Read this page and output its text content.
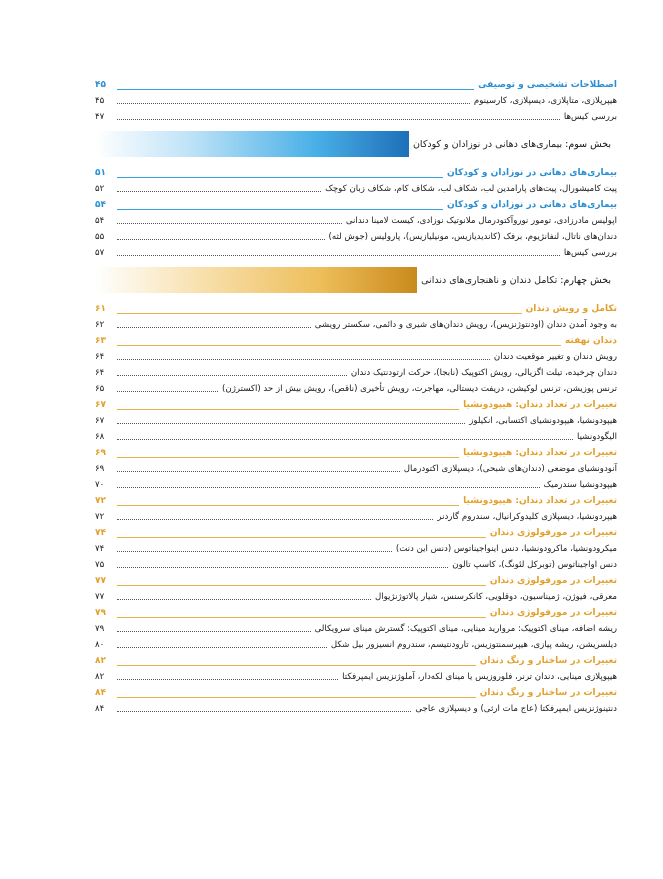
اصطلاحات تشخیصی و توصیفی
۴۵
هیپرپلازی، متاپلازی، دیسپلازی، کارسینوم
۴۵
بررسی کیس‌ها
۴۷
بخش سوم: بیماری‌های دهانی در نوزادان و کودکان
بیماری‌های دهانی در نوزادان و کودکان
۵۱
پیت کامیشورال، پیت‌های پارامدین لب، شکاف لب، شکاف کام، شکاف زبان کوچک
۵۲
بیماری‌های دهانی در نوزادان و کودکان
۵۴
اپولیس مادرزادی، تومور نوروآکتودرمال ملانوتیک نوزادی، کیست لامینا دندانی
۵۴
دندان‌های ناتال، لنفانژیوم، برفک (کاندیدیازیس، مونیلیازیس)، پارولیس (جوش لثه)
۵۵
بررسی کیس‌ها
۵۷
بخش چهارم: تکامل دندان و ناهنجاری‌های دندانی
تکامل و رویش دندان
۶۱
به وجود آمدن دندان (اودنتوژنزیس)، رویش دندان‌های شیری و دائمی، سکستر رویشی
۶۲
دندان نهفته
۶۳
رویش دندان و تغییر موقعیت دندان
۶۴
دندان چرخیده، تیلت اگزیالی، رویش اکتوپیک (نابجا)، حرکت ارتودنتیک دندان
۶۴
ترنس پوزیشن، ترنس لوکیشن، دریفت دیستالی، مهاجرت، رویش تأخیری (ناقص)، رویش بیش از حد (اکسترژن)
۶۵
تغییرات در تعداد دندان: هیپودونشیا
۶۷
هیپودونشیا، هیپودونشیای اکتسابی، انکیلوز
۶۷
الیگودونشیا
۶۸
تغییرات در تعداد دندان: هیپودونشیا
۶۹
آنودونشیای موضعی (دندان‌های شبحی)، دیسپلازی اکتودرمال
۶۹
هیپودونشیا سندرمیک
۷۰
تغییرات در تعداد دندان: هیپودونشیا
۷۲
هیپردونشیا، دیسپلازی کلیدوکرانیال، سندروم گاردنر
۷۲
تغییرات در مورفولوژی دندان
۷۴
میکرودونشیا، ماکرودونشیا، دنس اینواجیناتوس (دنس این دنت)
۷۴
دنس اواجیناتوس (توبرکل لئونگ)، کاسپ تالون
۷۵
تغییرات در مورفولوژی دندان
۷۷
معرقی، فیوژن، ژمیناسیون، دوقلویی، کانکرسنس، شیار پالاتوژنژیوال
۷۷
تغییرات در مورفولوژی دندان
۷۹
ریشه اضافه، مینای اکتوپیک: مروارید مینایی، مینای اکتوپیک: گسترش مینای سرویکالی
۷۹
دیلسریشن، ریشه پیازی، هیپرسمنتوزیس، تارودنتیسم، سندروم انسیزور بیل شکل
۸۰
تغییرات در ساختار و رنگ دندان
۸۲
هیپوپلازی مینایی، دندان ترنر، فلوروزیس یا مینای لکه‌دار، آملوژنزیس ایمپرفکتا
۸۲
تغییرات در ساختار و رنگ دندان
۸۴
دنتینوژنزیس ایمپرفکتا (عاج مات ارثی) و دیسپلازی عاجی
۸۴
